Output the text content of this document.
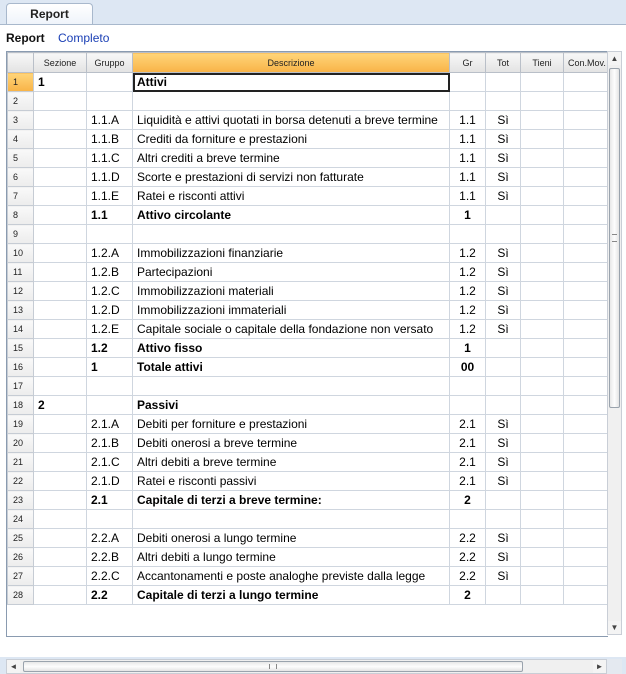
Report
Report Completo
	Sezione	Gruppo	Descrizione	Gr	Tot	Tieni	Con.Mov.
1	1		Attivi				
2							
3		1.1.A	Liquidità e attivi quotati in borsa detenuti a breve termine	1.1	Sì		
4		1.1.B	Crediti da forniture e prestazioni	1.1	Sì		
5		1.1.C	Altri crediti a breve termine	1.1	Sì		
6		1.1.D	Scorte e prestazioni di servizi non fatturate	1.1	Sì		
7		1.1.E	Ratei e risconti attivi	1.1	Sì		
8		1.1	Attivo circolante	1			
9							
10		1.2.A	Immobilizzazioni finanziarie	1.2	Sì		
11		1.2.B	Partecipazioni	1.2	Sì		
12		1.2.C	Immobilizzazioni materiali	1.2	Sì		
13		1.2.D	Immobilizzazioni immateriali	1.2	Sì		
14		1.2.E	Capitale sociale o capitale della fondazione non versato	1.2	Sì		
15		1.2	Attivo fisso	1			
16		1	Totale attivi	00			
17							
18	2		Passivi				
19		2.1.A	Debiti per forniture e prestazioni	2.1	Sì		
20		2.1.B	Debiti onerosi a breve termine	2.1	Sì		
21		2.1.C	Altri debiti a breve termine	2.1	Sì		
22		2.1.D	Ratei e risconti passivi	2.1	Sì		
23		2.1	Capitale di terzi a breve termine:	2			
24							
25		2.2.A	Debiti onerosi a lungo termine	2.2	Sì		
26		2.2.B	Altri debiti a lungo termine	2.2	Sì		
27		2.2.C	Accantonamenti e poste analoghe previste dalla legge	2.2	Sì		
28		2.2	Capitale di terzi a lungo termine	2			
▲
▼
◄	►
